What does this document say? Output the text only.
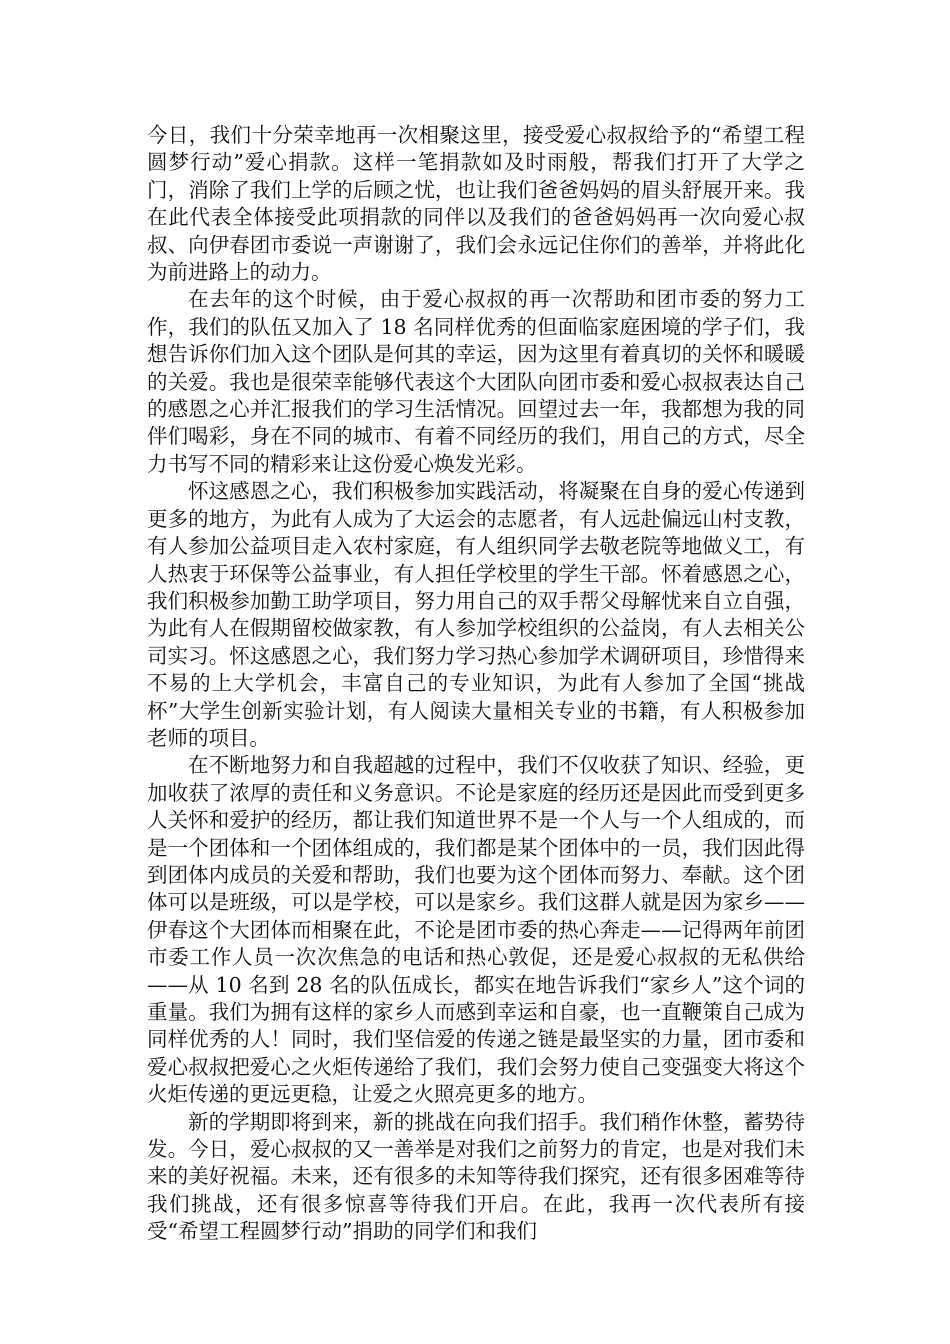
今日，我们十分荣幸地再一次相聚这里，接受爱心叔叔给予的“希望工程圆梦行动”爱心捐款。这样一笔捐款如及时雨般，帮我们打开了大学之门，消除了我们上学的后顾之忧，也让我们爸爸妈妈的眉头舒展开来。我在此代表全体接受此项捐款的同伴以及我们的爸爸妈妈再一次向爱心叔叔、向伊春团市委说一声谢谢了，我们会永远记住你们的善举，并将此化为前进路上的动力。

在去年的这个时候，由于爱心叔叔的再一次帮助和团市委的努力工作，我们的队伍又加入了 18 名同样优秀的但面临家庭困境的学子们，我想告诉你们加入这个团队是何其的幸运，因为这里有着真切的关怀和暖暖的关爱。我也是很荣幸能够代表这个大团队向团市委和爱心叔叔表达自己的感恩之心并汇报我们的学习生活情况。回望过去一年，我都想为我的同伴们喝彩，身在不同的城市、有着不同经历的我们，用自己的方式，尽全力书写不同的精彩来让这份爱心焕发光彩。

怀这感恩之心，我们积极参加实践活动，将凝聚在自身的爱心传递到更多的地方，为此有人成为了大运会的志愿者，有人远赴偏远山村支教，有人参加公益项目走入农村家庭，有人组织同学去敬老院等地做义工，有人热衷于环保等公益事业，有人担任学校里的学生干部。怀着感恩之心，我们积极参加勤工助学项目，努力用自己的双手帮父母解忧来自立自强，为此有人在假期留校做家教，有人参加学校组织的公益岗，有人去相关公司实习。怀这感恩之心，我们努力学习热心参加学术调研项目，珍惜得来不易的上大学机会，丰富自己的专业知识，为此有人参加了全国“挑战杯”大学生创新实验计划，有人阅读大量相关专业的书籍，有人积极参加老师的项目。

在不断地努力和自我超越的过程中，我们不仅收获了知识、经验，更加收获了浓厚的责任和义务意识。不论是家庭的经历还是因此而受到更多人关怀和爱护的经历，都让我们知道世界不是一个人与一个人组成的，而是一个团体和一个团体组成的，我们都是某个团体中的一员，我们因此得到团体内成员的关爱和帮助，我们也要为这个团体而努力、奉献。这个团体可以是班级，可以是学校，可以是家乡。我们这群人就是因为家乡——伊春这个大团体而相聚在此，不论是团市委的热心奔走——记得两年前团市委工作人员一次次焦急的电话和热心敦促，还是爱心叔叔的无私供给——从 10 名到 28 名的队伍成长，都实在地告诉我们“家乡人”这个词的重量。我们为拥有这样的家乡人而感到幸运和自豪，也一直鞭策自己成为同样优秀的人！同时，我们坚信爱的传递之链是最坚实的力量，团市委和爱心叔叔把爱心之火炬传递给了我们，我们会努力使自己变强变大将这个火炬传递的更远更稳，让爱之火照亮更多的地方。

新的学期即将到来，新的挑战在向我们招手。我们稍作休整，蓄势待发。今日，爱心叔叔的又一善举是对我们之前努力的肯定，也是对我们未来的美好祝福。未来，还有很多的未知等待我们探究，还有很多困难等待我们挑战，还有很多惊喜等待我们开启。在此，我再一次代表所有接受“希望工程圆梦行动”捐助的同学们和我们
